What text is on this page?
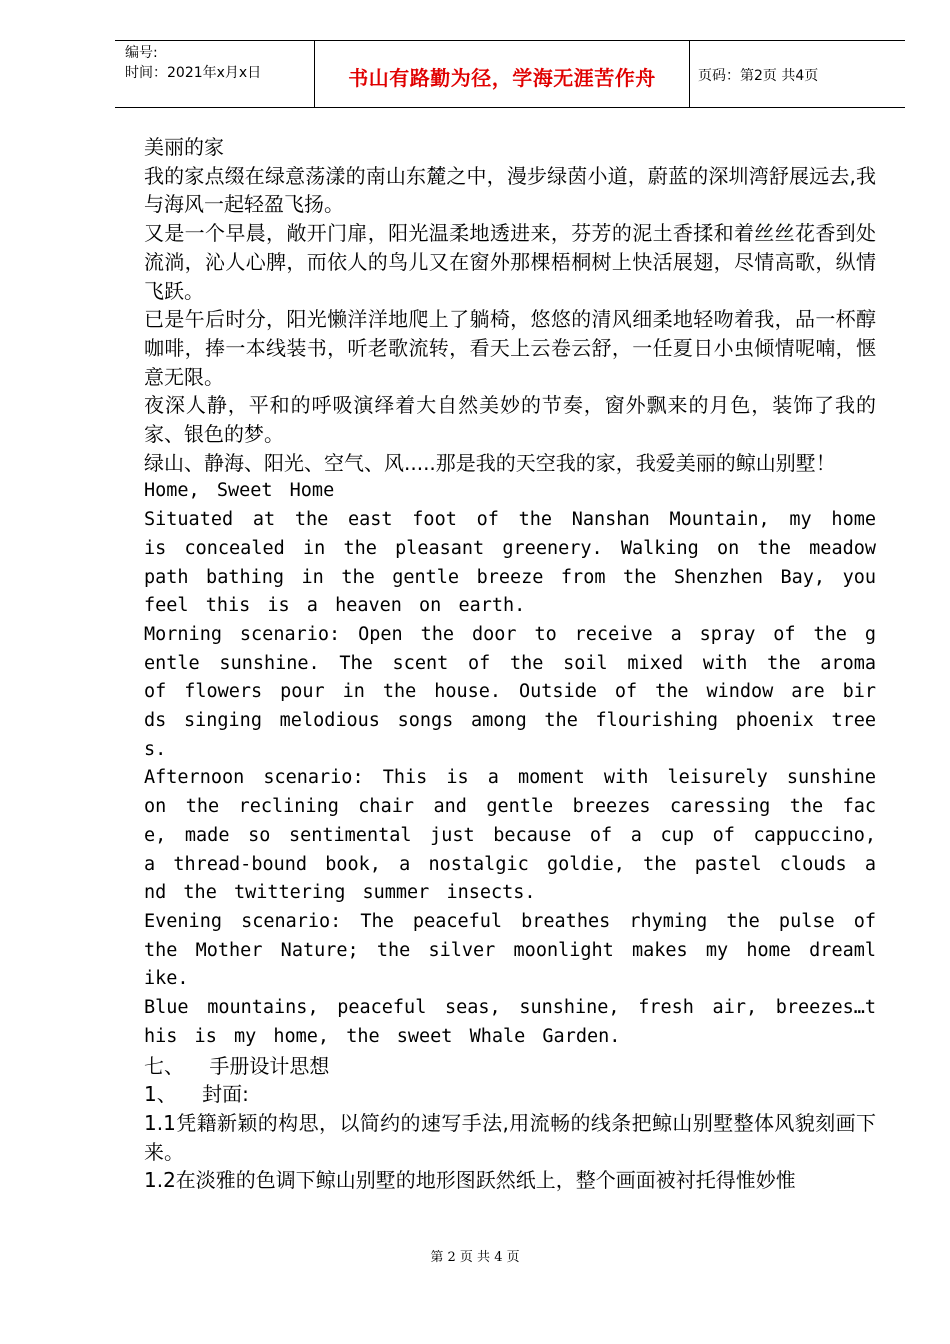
编号:
时间：2021年x月x日	书山有路勤为径，学海无涯苦作舟	页码：第2页 共4页

美丽的家

我的家点缀在绿意荡漾的南山东麓之中，漫步绿茵小道，蔚蓝的深圳湾舒展远去,我与海风一起轻盈飞扬。

又是一个早晨，敞开门扉，阳光温柔地透进来，芬芳的泥土香揉和着丝丝花香到处流淌，沁人心脾，而依人的鸟儿又在窗外那棵梧桐树上快活展翅，尽情高歌，纵情飞跃。

已是午后时分，阳光懒洋洋地爬上了躺椅，悠悠的清风细柔地轻吻着我，品一杯醇咖啡，捧一本线装书，听老歌流转，看天上云卷云舒，一任夏日小虫倾情呢喃，惬意无限。

夜深人静，平和的呼吸演绎着大自然美妙的节奏，窗外飘来的月色，装饰了我的家、银色的梦。

绿山、静海、阳光、空气、风.....那是我的天空我的家，我爱美丽的鲸山别墅！

Home, Sweet Home

Situated at the east foot of the Nanshan Mountain, my home is concealed in the pleasant greenery. Walking on the meadow path bathing in the gentle breeze from the Shenzhen Bay, you feel this is a heaven on earth.

Morning scenario: Open the door to receive a spray of the gentle sunshine. The scent of the soil mixed with the aroma of flowers pour in the house. Outside of the window are birds singing melodious songs among the flourishing phoenix trees.

Afternoon scenario: This is a moment with leisurely sunshine on the reclining chair and gentle breezes caressing the face, made so sentimental just because of a cup of cappuccino, a thread-bound book, a nostalgic goldie, the pastel clouds and the twittering summer insects.

Evening scenario: The peaceful breathes rhyming the pulse of the Mother Nature; the silver moonlight makes my home dreamlike.

Blue mountains, peaceful seas, sunshine, fresh air, breezes…this is my home, the sweet Whale Garden.

七、    手册设计思想

1、    封面:

1.1凭籍新颖的构思，以简约的速写手法,用流畅的线条把鲸山别墅整体风貌刻画下来。

1.2在淡雅的色调下鲸山别墅的地形图跃然纸上，整个画面被衬托得惟妙惟

第 2 页 共 4 页
